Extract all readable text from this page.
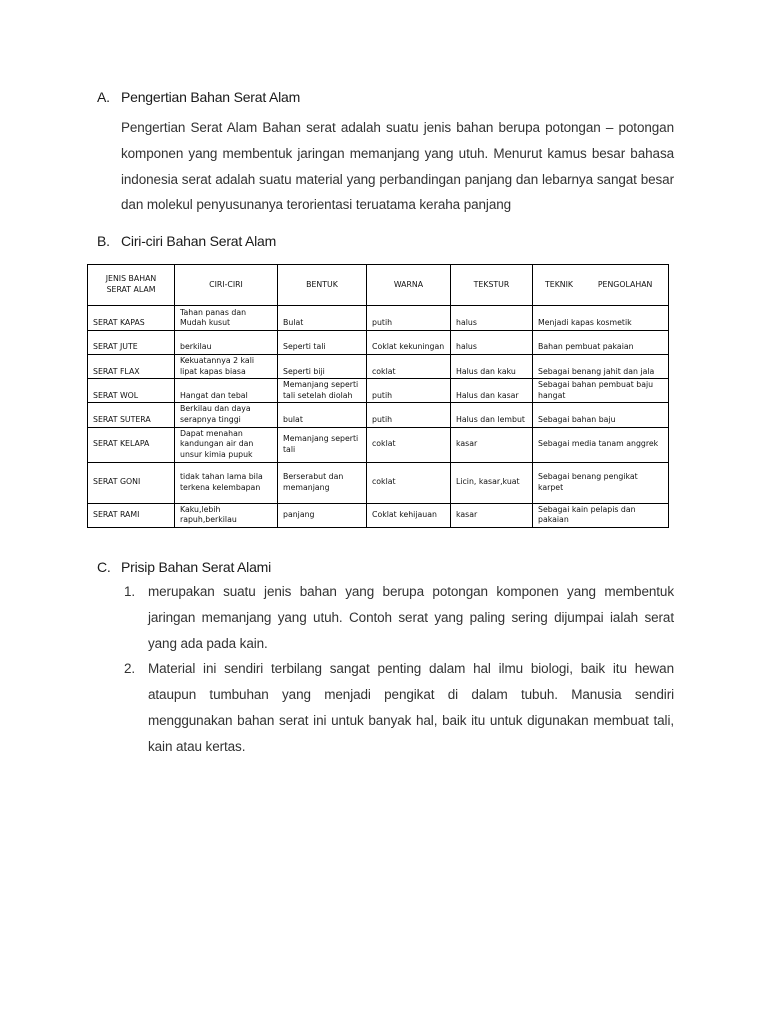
A. Pengertian Bahan Serat Alam

Pengertian Serat Alam Bahan serat adalah suatu jenis bahan berupa potongan – potongan komponen yang membentuk jaringan memanjang yang utuh. Menurut kamus besar bahasa indonesia serat adalah suatu material yang perbandingan panjang dan lebarnya sangat besar dan molekul penyusunanya terorientasi teruatama keraha panjang

B. Ciri-ciri Bahan Serat Alam
JENIS BAHAN SERAT ALAM	CIRI-CIRI	BENTUK	WARNA	TEKSTUR	TEKNIK          PENGOLAHAN
SERAT KAPAS	Tahan panas dan Mudah kusut	Bulat	putih	halus	Menjadi kapas kosmetik
SERAT JUTE	berkilau	Seperti tali	Coklat kekuningan	halus	Bahan pembuat pakaian
SERAT FLAX	Kekuatannya 2 kali lipat kapas biasa	Seperti biji	coklat	Halus dan kaku	Sebagai benang jahit dan jala
SERAT WOL	Hangat dan tebal	Memanjang seperti tali setelah diolah	putih	Halus dan kasar	Sebagai bahan pembuat baju hangat
SERAT SUTERA	Berkilau dan daya serapnya tinggi	bulat	putih	Halus dan lembut	Sebagai bahan baju
SERAT KELAPA	Dapat menahan kandungan air dan unsur kimia pupuk	Memanjang seperti tali	coklat	kasar	Sebagai media tanam anggrek
SERAT GONI	tidak tahan lama bila terkena kelembapan	Berserabut dan memanjang	coklat	Licin, kasar,kuat	Sebagai benang pengikat karpet
SERAT RAMI	Kaku,lebih rapuh,berkilau	panjang	Coklat kehijauan	kasar	Sebagai kain pelapis dan pakaian
C. Prisip Bahan Serat Alami
1. merupakan suatu jenis bahan yang berupa potongan komponen yang membentuk jaringan memanjang yang utuh. Contoh serat yang paling sering dijumpai ialah serat yang ada pada kain.
2. Material ini sendiri terbilang sangat penting dalam hal ilmu biologi, baik itu hewan ataupun tumbuhan yang menjadi pengikat di dalam tubuh. Manusia sendiri menggunakan bahan serat ini untuk banyak hal, baik itu untuk digunakan membuat tali, kain atau kertas.
